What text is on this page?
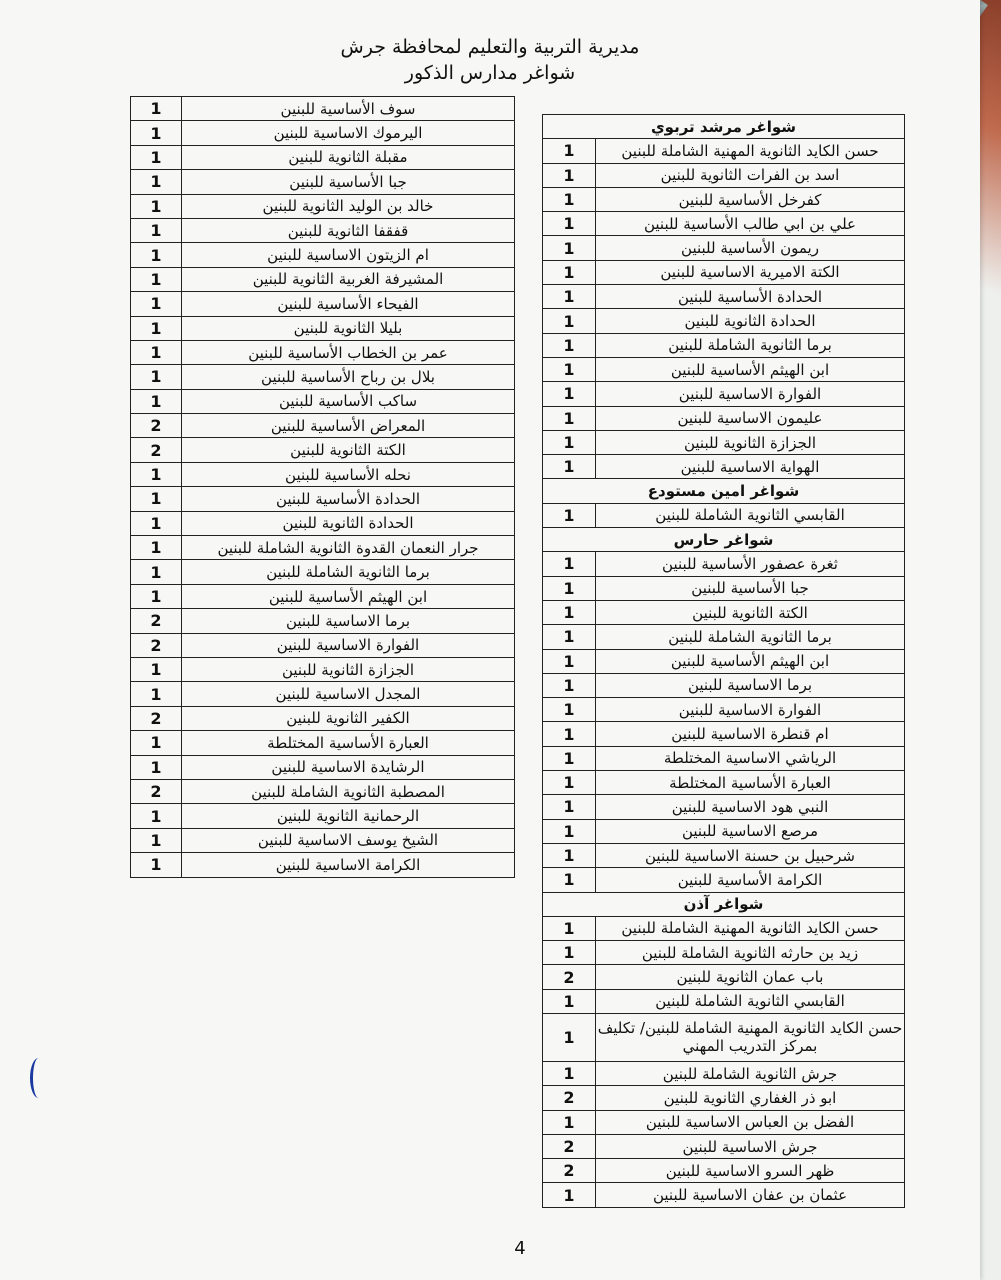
مديرية التربية والتعليم لمحافظة جرش
شواغر مدارس الذكور
1	سوف الأساسية للبنين
1	اليرموك الاساسية للبنين
1	مقبلة الثانوية للبنين
1	جبا الأساسية للبنين
1	خالد بن الوليد الثانوية للبنين
1	قفقفا الثانوية للبنين
1	ام الزيتون الاساسية للبنين
1	المشيرفة الغربية الثانوية للبنين
1	الفيحاء الأساسية للبنين
1	بليلا الثانوية للبنين
1	عمر بن الخطاب الأساسية للبنين
1	بلال بن رباح الأساسية للبنين
1	ساكب الأساسية للبنين
2	المعراض الأساسية للبنين
2	الكتة الثانوية للبنين
1	نحله الأساسية للبنين
1	الحدادة الأساسية للبنين
1	الحدادة الثانوية للبنين
1	جرار النعمان القدوة الثانوية الشاملة للبنين
1	برما الثانوية الشاملة للبنين
1	ابن الهيثم الأساسية للبنين
2	برما الاساسية للبنين
2	الفوارة الاساسية للبنين
1	الجزازة الثانوية للبنين
1	المجدل الاساسية للبنين
2	الكفير الثانوية للبنين
1	العبارة الأساسية المختلطة
1	الرشايدة الاساسية للبنين
2	المصطبة الثانوية الشاملة للبنين
1	الرحمانية الثانوية للبنين
1	الشيخ يوسف الاساسية للبنين
1	الكرامة الاساسية للبنين
شواغر مرشد تربوي	
1	حسن الكايد الثانوية المهنية الشاملة للبنين
1	اسد بن الفرات الثانوية للبنين
1	كفرخل الأساسية للبنين
1	علي بن ابي طالب الأساسية للبنين
1	ريمون الأساسية للبنين
1	الكتة الاميرية الاساسية للبنين
1	الحدادة الأساسية للبنين
1	الحدادة الثانوية للبنين
1	برما الثانوية الشاملة للبنين
1	ابن الهيثم الأساسية للبنين
1	الفوارة الاساسية للبنين
1	عليمون الاساسية للبنين
1	الجزازة الثانوية للبنين
1	الهواية الاساسية للبنين
شواغر امين مستودع	
1	القابسي الثانوية الشاملة للبنين
شواغر حارس	
1	ثغرة عصفور الأساسية للبنين
1	جبا الأساسية للبنين
1	الكتة الثانوية للبنين
1	برما الثانوية الشاملة للبنين
1	ابن الهيثم الأساسية للبنين
1	برما الاساسية للبنين
1	الفوارة الاساسية للبنين
1	ام قنطرة الاساسية للبنين
1	الرياشي الاساسية المختلطة
1	العبارة الأساسية المختلطة
1	النبي هود الاساسية للبنين
1	مرصع الاساسية للبنين
1	شرحبيل بن حسنة الاساسية للبنين
1	الكرامة الأساسية للبنين
شواغر آذن	
1	حسن الكايد الثانوية المهنية الشاملة للبنين
1	زيد بن حارثه الثانوية الشاملة للبنين
2	باب عمان الثانوية للبنين
1	القابسي الثانوية الشاملة للبنين
1	حسن الكايد الثانوية المهنية الشاملة للبنين/ تكليف بمركز التدريب المهني
1	جرش الثانوية الشاملة للبنين
2	ابو ذر الغفاري الثانوية للبنين
1	الفضل بن العباس الاساسية للبنين
2	جرش الاساسية للبنين
2	ظهر السرو الاساسية للبنين
1	عثمان بن عفان الاساسية للبنين
4
